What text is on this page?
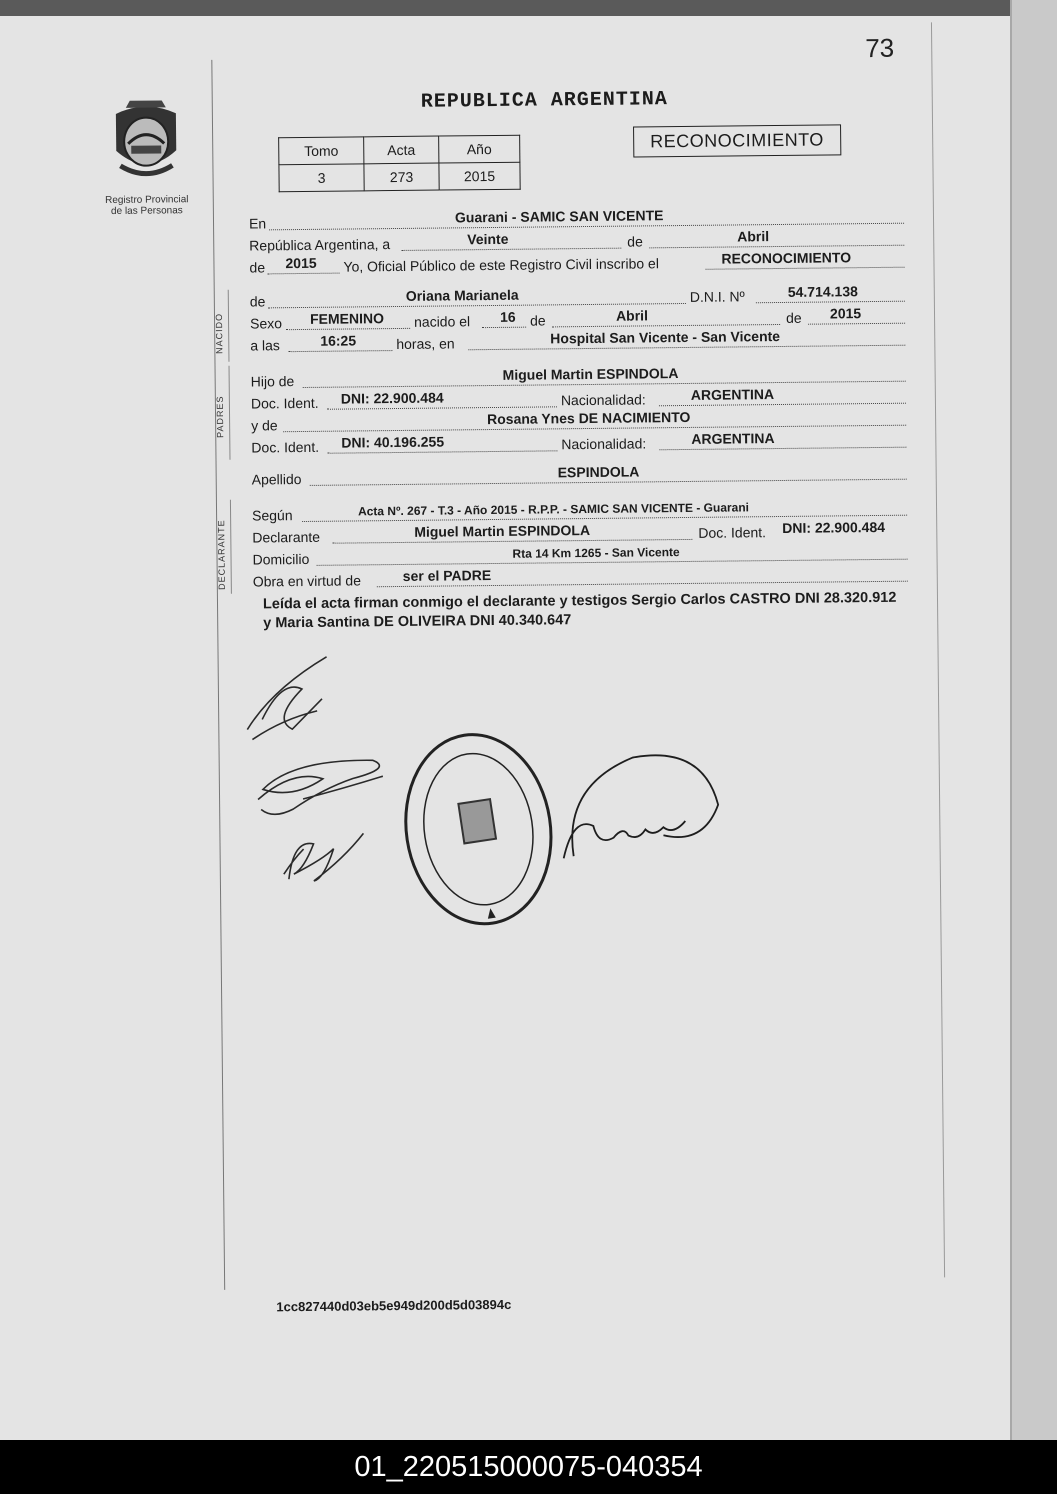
73
Registro Provincial
de las Personas
REPUBLICA ARGENTINA
Tomo	Acta	Año
3	273	2015
RECONOCIMIENTO
En	Guarani - SAMIC SAN VICENTE
República Argentina, a	Veinte	de	Abril
de 2015 Yo, Oficial Público de este Registro Civil inscribo el	RECONOCIMIENTO
NACIDO
de	Oriana Marianela	D.N.I. Nº	54.714.138
Sexo FEMENINO nacido el 16 de	Abril	de 2015
a las	16:25	horas, en	Hospital San Vicente - San Vicente
PADRES
Hijo de	Miguel Martin ESPINDOLA
Doc. Ident. DNI: 22.900.484	Nacionalidad:	ARGENTINA
y de	Rosana Ynes DE NACIMIENTO
Doc. Ident. DNI: 40.196.255	Nacionalidad:	ARGENTINA
Apellido	ESPINDOLA
DECLARANTE
Según	Acta Nº. 267 - T.3 - Año 2015 - R.P.P. - SAMIC SAN VICENTE - Guarani
Declarante	Miguel Martin ESPINDOLA	Doc. Ident. DNI: 22.900.484
Domicilio	Rta 14 Km 1265 - San Vicente
Obra en virtud de	ser el PADRE
Leída el acta firman conmigo el declarante y testigos Sergio Carlos CASTRO DNI 28.320.912 y Maria Santina DE OLIVEIRA DNI 40.340.647
1cc827440d03eb5e949d200d5d03894c
01_220515000075-040354
